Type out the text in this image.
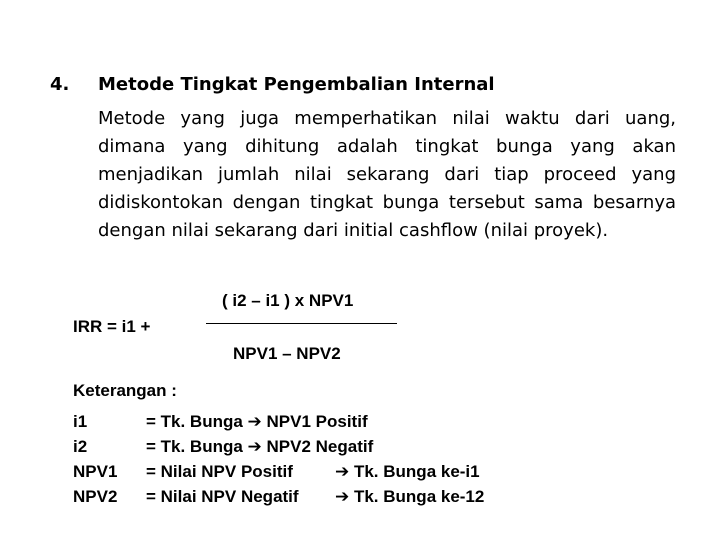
4. Metode Tingkat Pengembalian Internal
Metode yang juga memperhatikan nilai waktu dari uang, dimana yang dihitung adalah tingkat bunga yang akan menjadikan jumlah nilai sekarang dari tiap proceed yang didiskontokan dengan tingkat bunga tersebut sama besarnya dengan nilai sekarang dari initial cashflow (nilai proyek).
IRR = i1 +
( i2 – i1 ) x NPV1
NPV1 – NPV2
Keterangan :
i1	= Tk. Bunga ➔ NPV1 Positif
i2	= Tk. Bunga ➔ NPV2 Negatif
NPV1 = Nilai NPV Positif ➔ Tk. Bunga ke-i1
NPV2 = Nilai NPV Negatif ➔ Tk. Bunga ke-12
